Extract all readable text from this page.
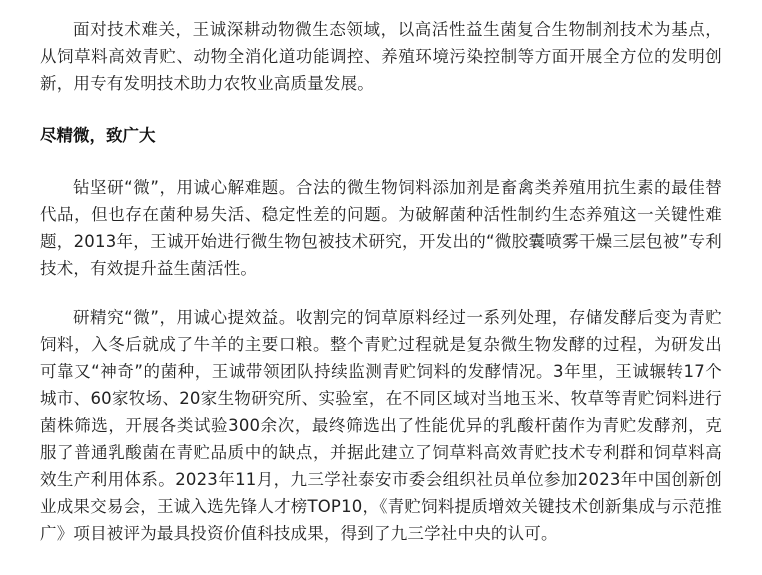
面对技术难关，王诚深耕动物微生态领域，以高活性益生菌复合生物制剂技术为基点，从饲草料高效青贮、动物全消化道功能调控、养殖环境污染控制等方面开展全方位的发明创新，用专有发明技术助力农牧业高质量发展。

尽精微，致广大

钻坚研“微”，用诚心解难题。合法的微生物饲料添加剂是畜禽类养殖用抗生素的最佳替代品，但也存在菌种易失活、稳定性差的问题。为破解菌种活性制约生态养殖这一关键性难题，2013年，王诚开始进行微生物包被技术研究，开发出的“微胶囊喷雾干燥三层包被”专利技术，有效提升益生菌活性。

研精究“微”，用诚心提效益。收割完的饲草原料经过一系列处理，存储发酵后变为青贮饲料，入冬后就成了牛羊的主要口粮。整个青贮过程就是复杂微生物发酵的过程，为研发出可靠又“神奇”的菌种，王诚带领团队持续监测青贮饲料的发酵情况。3年里，王诚辗转17个城市、60家牧场、20家生物研究所、实验室，在不同区域对当地玉米、牧草等青贮饲料进行菌株筛选，开展各类试验300余次，最终筛选出了性能优异的乳酸杆菌作为青贮发酵剂，克服了普通乳酸菌在青贮品质中的缺点，并据此建立了饲草料高效青贮技术专利群和饲草料高效生产利用体系。2023年11月，九三学社泰安市委会组织社员单位参加2023年中国创新创业成果交易会，王诚入选先锋人才榜TOP10，《青贮饲料提质增效关键技术创新集成与示范推广》项目被评为最具投资价值科技成果，得到了九三学社中央的认可。
